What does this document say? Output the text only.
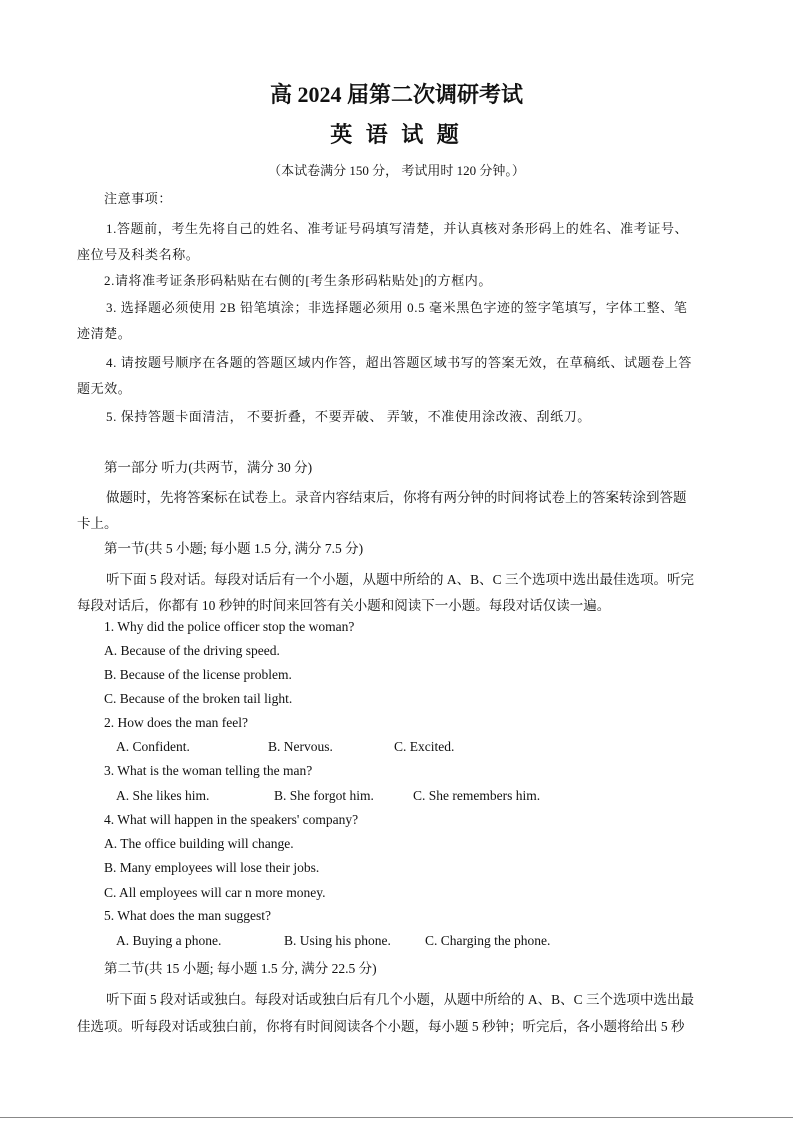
高 2024 届第二次调研考试
英 语 试 题
（本试卷满分 150 分， 考试用时 120 分钟。）
注意事项：
1.答题前，考生先将自己的姓名、准考证号码填写清楚，并认真核对条形码上的姓名、准考证号、
座位号及科类名称。
2.请将准考证条形码粘贴在右侧的[考生条形码粘贴处]的方框内。
3. 选择题必须使用 2B 铅笔填涂；非选择题必须用 0.5 毫米黑色字迹的签字笔填写，字体工整、笔
迹清楚。
4. 请按题号顺序在各题的答题区域内作答，超出答题区域书写的答案无效，在草稿纸、试题卷上答
题无效。
5. 保持答题卡面清洁， 不要折叠，不要弄破、 弄皱，不准使用涂改液、刮纸刀。
第一部分 听力(共两节，满分 30 分)
做题时，先将答案标在试卷上。录音内容结束后，你将有两分钟的时间将试卷上的答案转涂到答题
卡上。
第一节(共 5 小题; 每小题 1.5 分, 满分 7.5 分)
听下面 5 段对话。每段对话后有一个小题，从题中所给的 A、B、C 三个选项中选出最佳选项。听完
每段对话后，你都有 10 秒钟的时间来回答有关小题和阅读下一小题。每段对话仅读一遍。
1. Why did the police officer stop the woman?
A. Because of the driving speed.
B. Because of the license problem.
C. Because of the broken tail light.
2. How does the man feel?
A. Confident.	B. Nervous.	C. Excited.
3. What is the woman telling the man?
A. She likes him.	B. She forgot him.	C. She remembers him.
4. What will happen in the speakers' company?
A. The office building will change.
B. Many employees will lose their jobs.
C. All employees will car n more money.
5. What does the man suggest?
A. Buying a phone.	B. Using his phone.	C. Charging the phone.
第二节(共 15 小题; 每小题 1.5 分, 满分 22.5 分)
听下面 5 段对话或独白。每段对话或独白后有几个小题，从题中所给的 A、B、C 三个选项中选出最
佳选项。听每段对话或独白前，你将有时间阅读各个小题，每小题 5 秒钟；听完后，各小题将给出 5 秒
